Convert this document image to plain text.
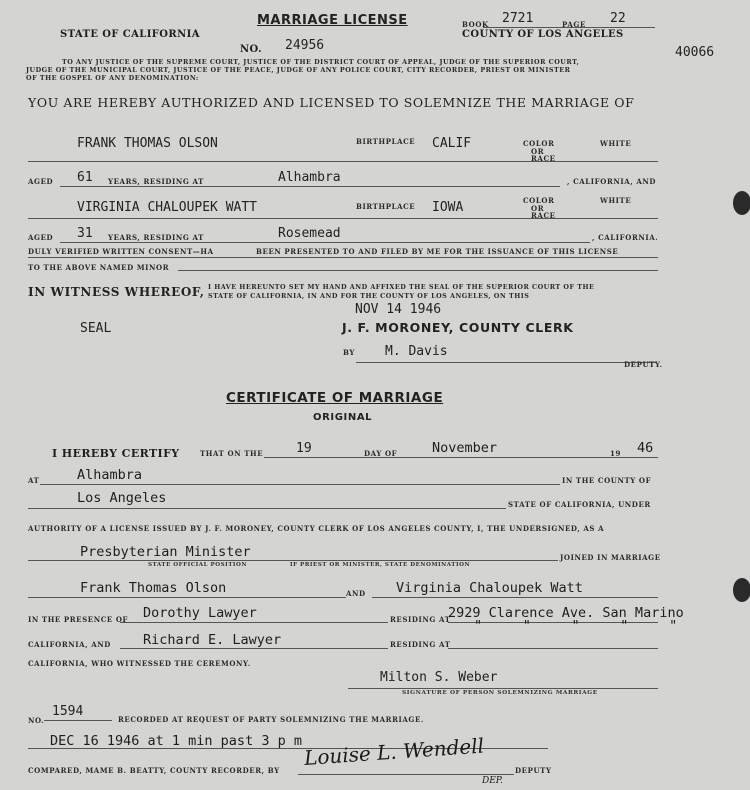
STATE OF CALIFORNIA
MARRIAGE LICENSE	BOOK 2721	PAGE 22
COUNTY OF LOS ANGELES
NO. 24956	40066
TO ANY JUSTICE OF THE SUPREME COURT, JUSTICE OF THE DISTRICT COURT OF APPEAL, JUDGE OF THE SUPERIOR COURT,
JUDGE OF THE MUNICIPAL COURT, JUSTICE OF THE PEACE, JUDGE OF ANY POLICE COURT, CITY RECORDER, PRIEST OR MINISTER
OF THE GOSPEL OF ANY DENOMINATION:
YOU ARE HEREBY AUTHORIZED AND LICENSED TO SOLEMNIZE THE MARRIAGE OF
FRANK THOMAS OLSON	BIRTHPLACE CALIF	COLOR
OR
RACE
WHITE
AGED 61 YEARS, RESIDING AT	Alhambra	, CALIFORNIA, AND
VIRGINIA CHALOUPEK WATT	BIRTHPLACE IOWA	COLOR
OR
RACE
WHITE
AGED 31 YEARS, RESIDING AT	Rosemead	, CALIFORNIA.
DULY VERIFIED WRITTEN CONSENT—HA	BEEN PRESENTED TO AND FILED BY ME FOR THE ISSUANCE OF THIS LICENSE
TO THE ABOVE NAMED MINOR
IN WITNESS WHEREOF, I HAVE HEREUNTO SET MY HAND AND AFFIXED THE SEAL OF THE SUPERIOR COURT OF THE
STATE OF CALIFORNIA, IN AND FOR THE COUNTY OF LOS ANGELES, ON THIS
NOV 14 1946
SEAL	J. F. MORONEY, COUNTY CLERK
BY M. Davis
DEPUTY.
CERTIFICATE OF MARRIAGE
ORIGINAL
I HEREBY CERTIFY	THAT ON THE	19	DAY OF	November	19 46
AT	Alhambra	IN THE COUNTY OF
Los Angeles	STATE OF CALIFORNIA, UNDER
AUTHORITY OF A LICENSE ISSUED BY J. F. MORONEY, COUNTY CLERK OF LOS ANGELES COUNTY, I, THE UNDERSIGNED, AS A
Presbyterian Minister	JOINED IN MARRIAGE
STATE OFFICIAL POSITION	IF PRIEST OR MINISTER, STATE DENOMINATION
Frank Thomas Olson	AND Virginia Chaloupek Watt
IN THE PRESENCE OF Dorothy Lawyer	RESIDING AT
2929 Clarence Ave. San Marino
"     "     "     "     "
CALIFORNIA, AND Richard E. Lawyer	RESIDING AT
CALIFORNIA, WHO WITNESSED THE CEREMONY.
Milton S. Weber
SIGNATURE OF PERSON SOLEMNIZING MARRIAGE
NO.
1594
RECORDED AT REQUEST OF PARTY SOLEMNIZING THE MARRIAGE.
DEC 16 1946 at 1 min past 3 p m
COMPARED, MAME B. BEATTY, COUNTY RECORDER, BY
Louise L. Wendell
DEPUTY
DEP.
